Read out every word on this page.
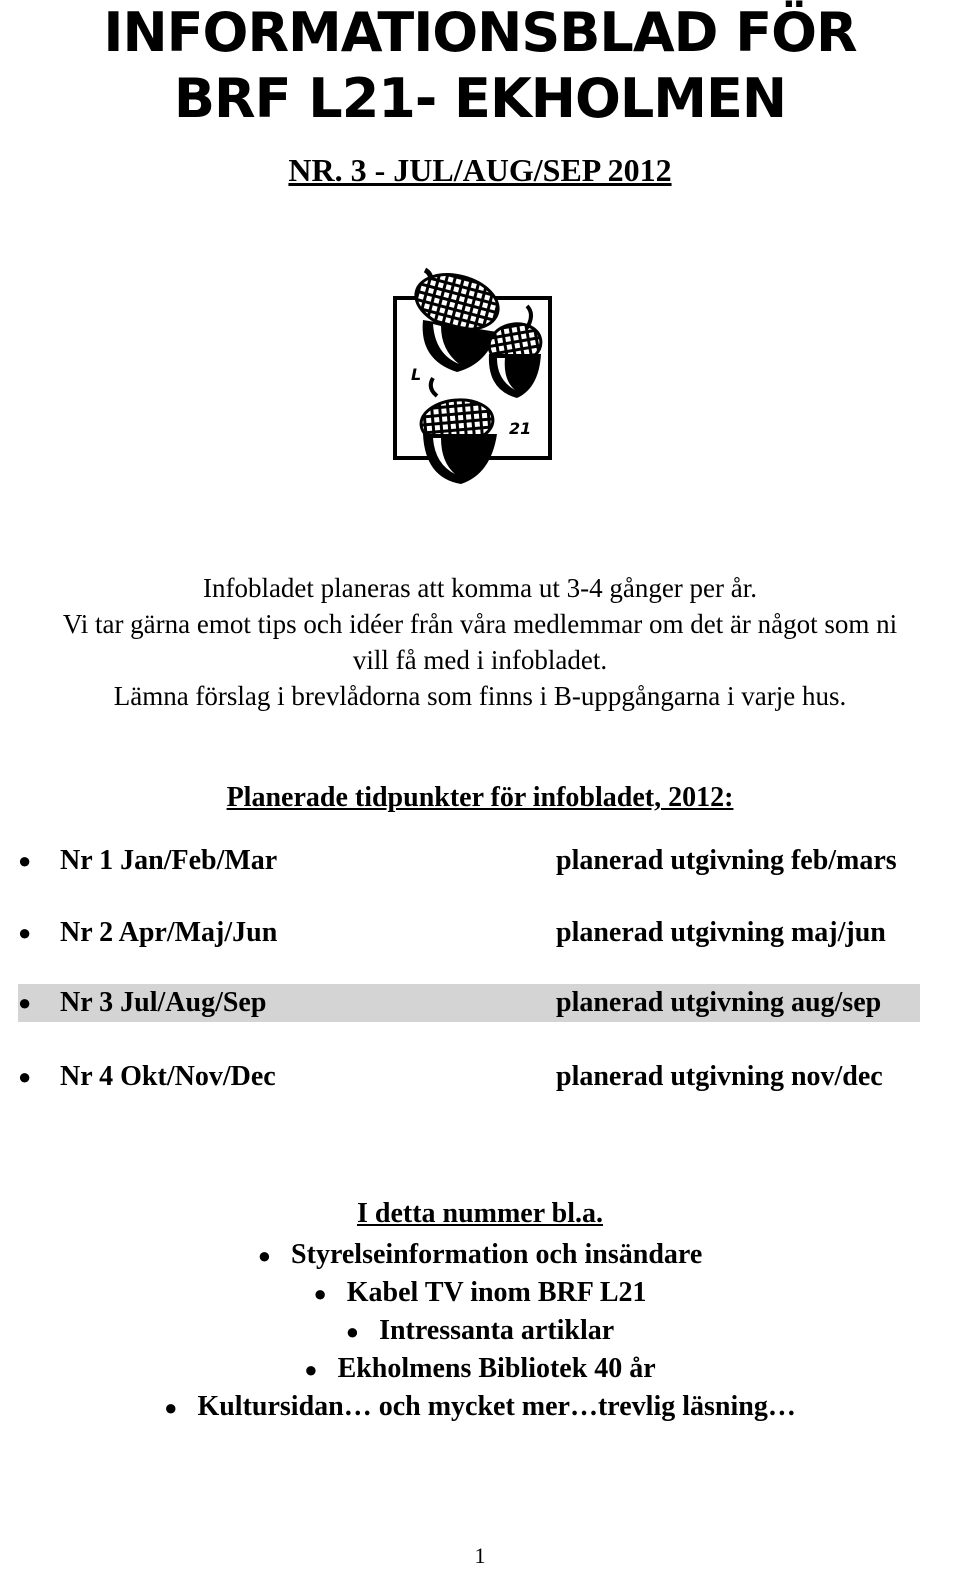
INFORMATIONSBLAD FÖR
BRF L21- EKHOLMEN
NR. 3 - JUL/AUG/SEP 2012
L
21
Infobladet planeras att komma ut 3-4 gånger per år.
Vi tar gärna emot tips och idéer från våra medlemmar om det är något som ni
vill få med i infobladet.
Lämna förslag i brevlådorna som finns i B-uppgångarna i varje hus.
Planerade tidpunkter för infobladet, 2012:
● Nr 1 Jan/Feb/Mar	planerad utgivning feb/mars
● Nr 2 Apr/Maj/Jun	planerad utgivning maj/jun
● Nr 3 Jul/Aug/Sep	planerad utgivning aug/sep
● Nr 4 Okt/Nov/Dec	planerad utgivning nov/dec
I detta nummer bl.a.
● Styrelseinformation och insändare
● Kabel TV inom BRF L21
● Intressanta artiklar
● Ekholmens Bibliotek 40 år
● Kultursidan… och mycket mer…trevlig läsning…
1
